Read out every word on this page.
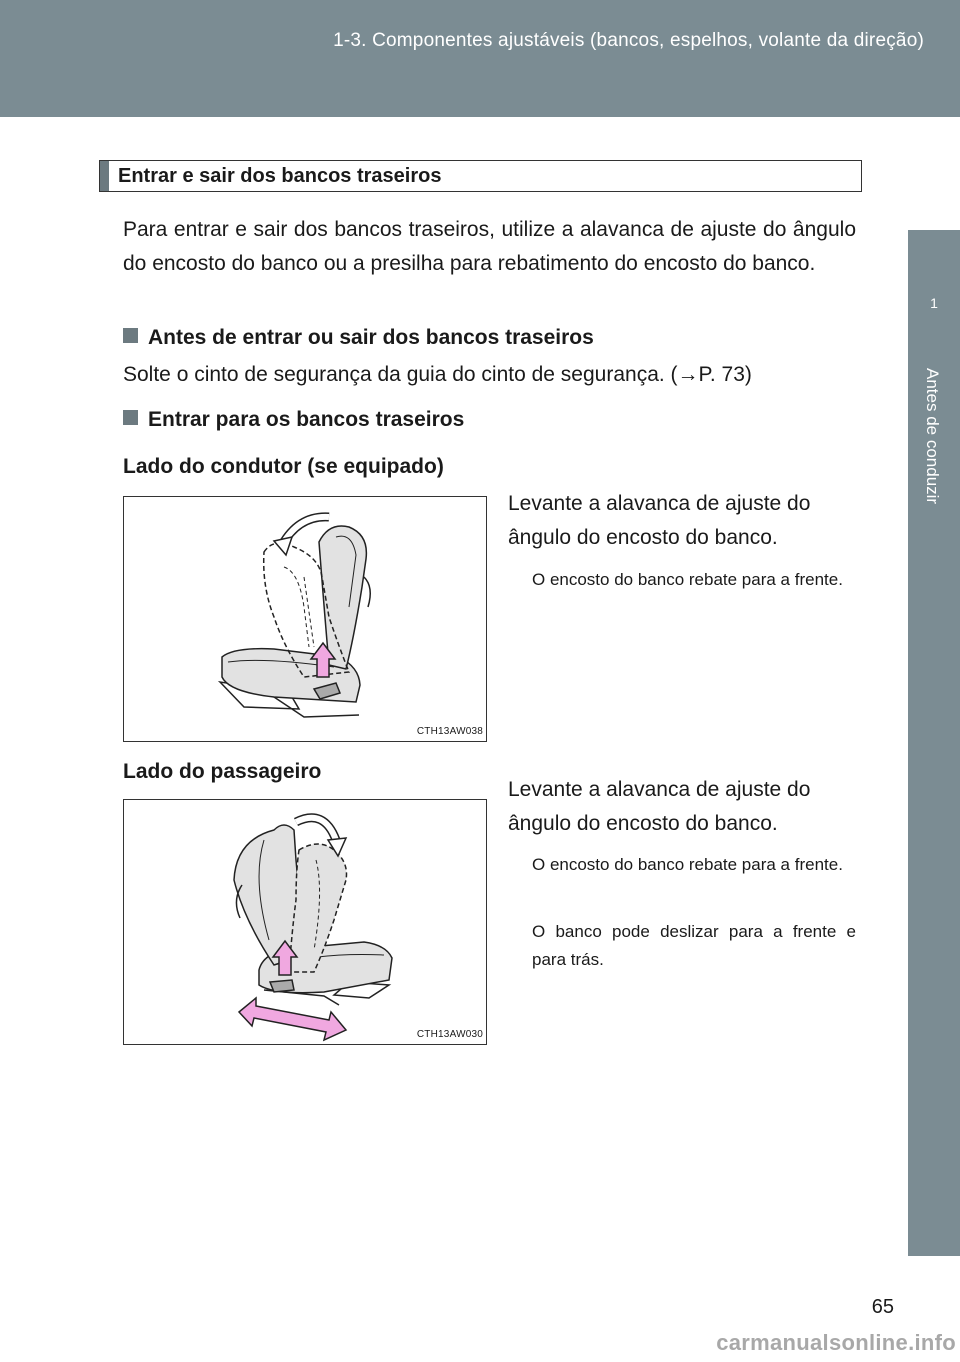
1-3. Componentes ajustáveis (bancos, espelhos, volante da direção)
1
Antes de conduzir
Entrar e sair dos bancos traseiros
Para entrar e sair dos bancos traseiros, utilize a alavanca de ajuste do ângulo do encosto do banco ou a presilha para rebatimento do encosto do banco.
Antes de entrar ou sair dos bancos traseiros
Solte o cinto de segurança da guia do cinto de segurança. (→P. 73)
Entrar para os bancos traseiros
Lado do condutor (se equipado)
CTH13AW038
Levante a alavanca de ajuste do ângulo do encosto do banco.
O encosto do banco rebate para a frente.
Lado do passageiro
CTH13AW030
Levante a alavanca de ajuste do ângulo do encosto do banco.
O encosto do banco rebate para a frente.
O banco pode deslizar para a frente e para trás.
65
carmanualsonline.info
